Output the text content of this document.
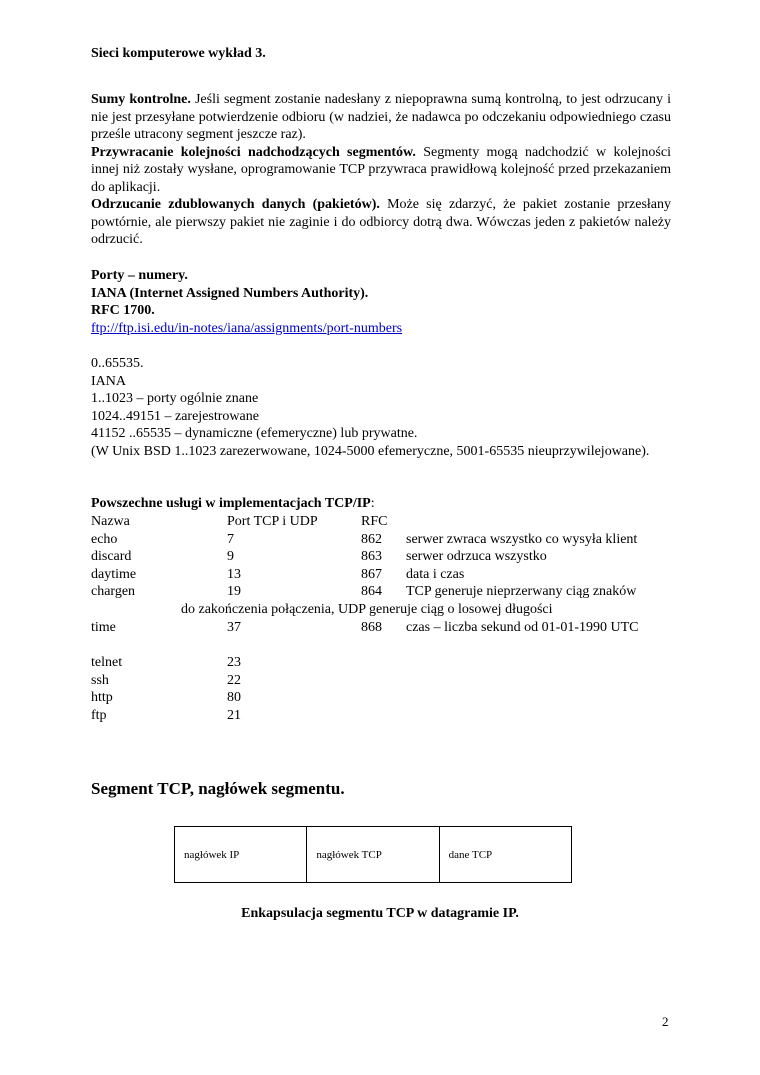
Sieci komputerowe wykład 3.
Sumy kontrolne. Jeśli segment zostanie nadesłany z niepoprawna sumą kontrolną, to jest odrzucany i nie jest przesyłane potwierdzenie odbioru (w nadziei, że nadawca po odczekaniu odpowiedniego czasu prześle utracony segment jeszcze raz).
Przywracanie kolejności nadchodzących segmentów. Segmenty mogą nadchodzić w kolejności innej niż zostały wysłane, oprogramowanie TCP przywraca prawidłową kolejność przed przekazaniem do aplikacji.
Odrzucanie zdublowanych danych (pakietów). Może się zdarzyć, że pakiet zostanie przesłany powtórnie, ale pierwszy pakiet nie zaginie i do odbiorcy dotrą dwa. Wówczas jeden z pakietów należy odrzucić.
Porty – numery.
IANA (Internet Assigned Numbers Authority).
RFC 1700.
ftp://ftp.isi.edu/in-notes/iana/assignments/port-numbers
0..65535.
IANA
1..1023 – porty ogólnie znane
1024..49151 – zarejestrowane
41152 ..65535 – dynamiczne (efemeryczne) lub prywatne.
(W Unix BSD 1..1023 zarezerwowane, 1024-5000 efemeryczne, 5001-65535 nieuprzywilejowane).
Powszechne usługi w implementacjach TCP/IP:
Nazwa	Port TCP i UDP	RFC
echo	7	862 serwer zwraca wszystko co wysyła klient
discard	9	863 serwer odrzuca wszystko
daytime	13	867 data i czas
chargen	19	864 TCP generuje nieprzerwany ciąg znaków
do zakończenia połączenia, UDP generuje ciąg o losowej długości
time	37	868 czas – liczba sekund od 01-01-1990 UTC
telnet	23
ssh	22
http	80
ftp	21
Segment TCP, nagłówek segmentu.
nagłówek IP	nagłówek TCP	dane TCP
Enkapsulacja segmentu TCP w datagramie IP.
2
